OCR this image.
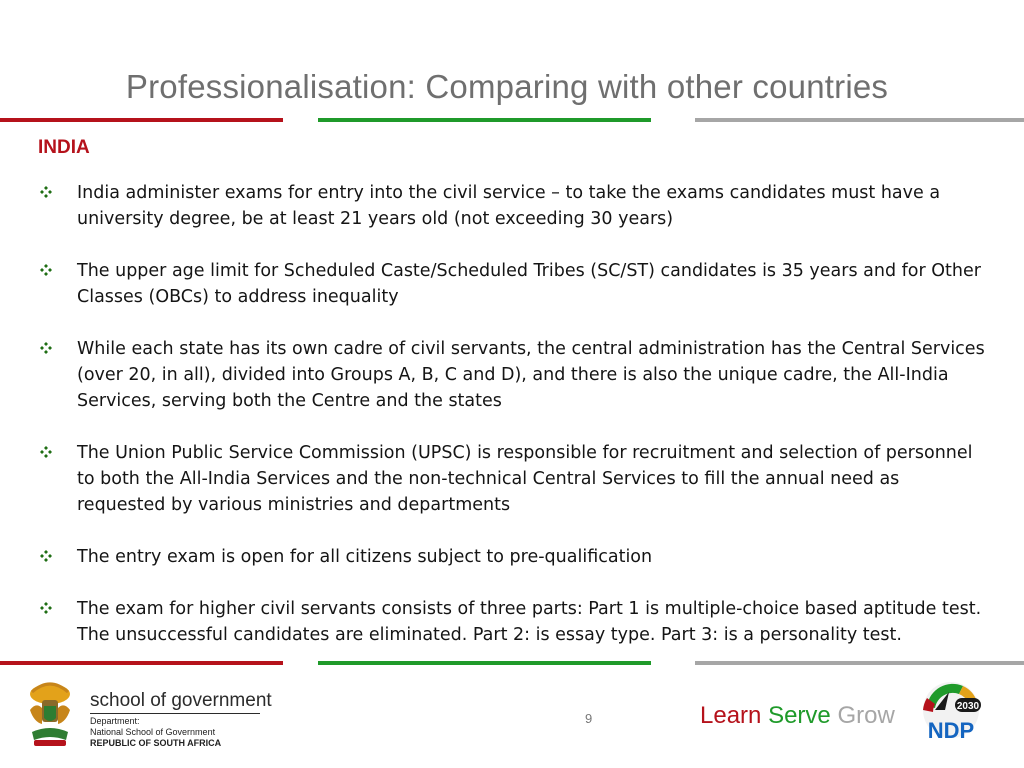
Professionalisation: Comparing with other countries
INDIA
India administer exams for entry into the civil service – to take the exams candidates must have a university degree, be at least 21 years old (not exceeding 30 years)
The upper age limit for Scheduled Caste/Scheduled Tribes (SC/ST) candidates is 35 years and for Other Classes (OBCs) to address inequality
While each state has its own cadre of civil servants, the central administration has the Central Services (over 20, in all), divided into Groups A, B, C and D), and there is also the unique cadre, the All-India Services, serving both the Centre and the states
The Union Public Service Commission (UPSC) is responsible for recruitment and selection of personnel to both the All-India Services and the non-technical Central Services to fill the annual need as requested by various ministries and departments
The entry exam is open for all citizens subject to pre-qualification
The exam for higher civil servants consists of three parts: Part 1 is multiple-choice based aptitude test. The unsuccessful candidates are eliminated. Part 2: is essay type. Part 3: is a personality test.
school of government
Department:
National School of Government
REPUBLIC OF SOUTH AFRICA
9	Learn Serve Grow	2030
NDP
